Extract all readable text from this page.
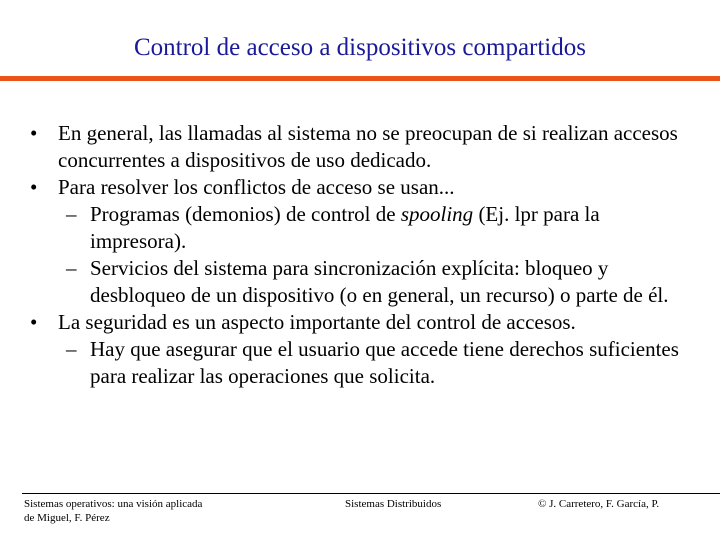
Control de acceso a dispositivos compartidos
• En general, las llamadas al sistema no se preocupan de si realizan accesos concurrentes a dispositivos de uso dedicado.
• Para resolver los conflictos de acceso se usan...
– Programas (demonios) de control de spooling (Ej. lpr para la impresora).
– Servicios del sistema para sincronización explícita: bloqueo y desbloqueo de un dispositivo (o en general, un recurso) o parte de él.
• La seguridad es un aspecto importante del control de accesos.
– Hay que asegurar que el usuario que accede tiene derechos suficientes para realizar las operaciones que solicita.
Sistemas operativos: una visión aplicada
de Miguel, F. Pérez
Sistemas Distribuidos	© J. Carretero, F. García, P.
